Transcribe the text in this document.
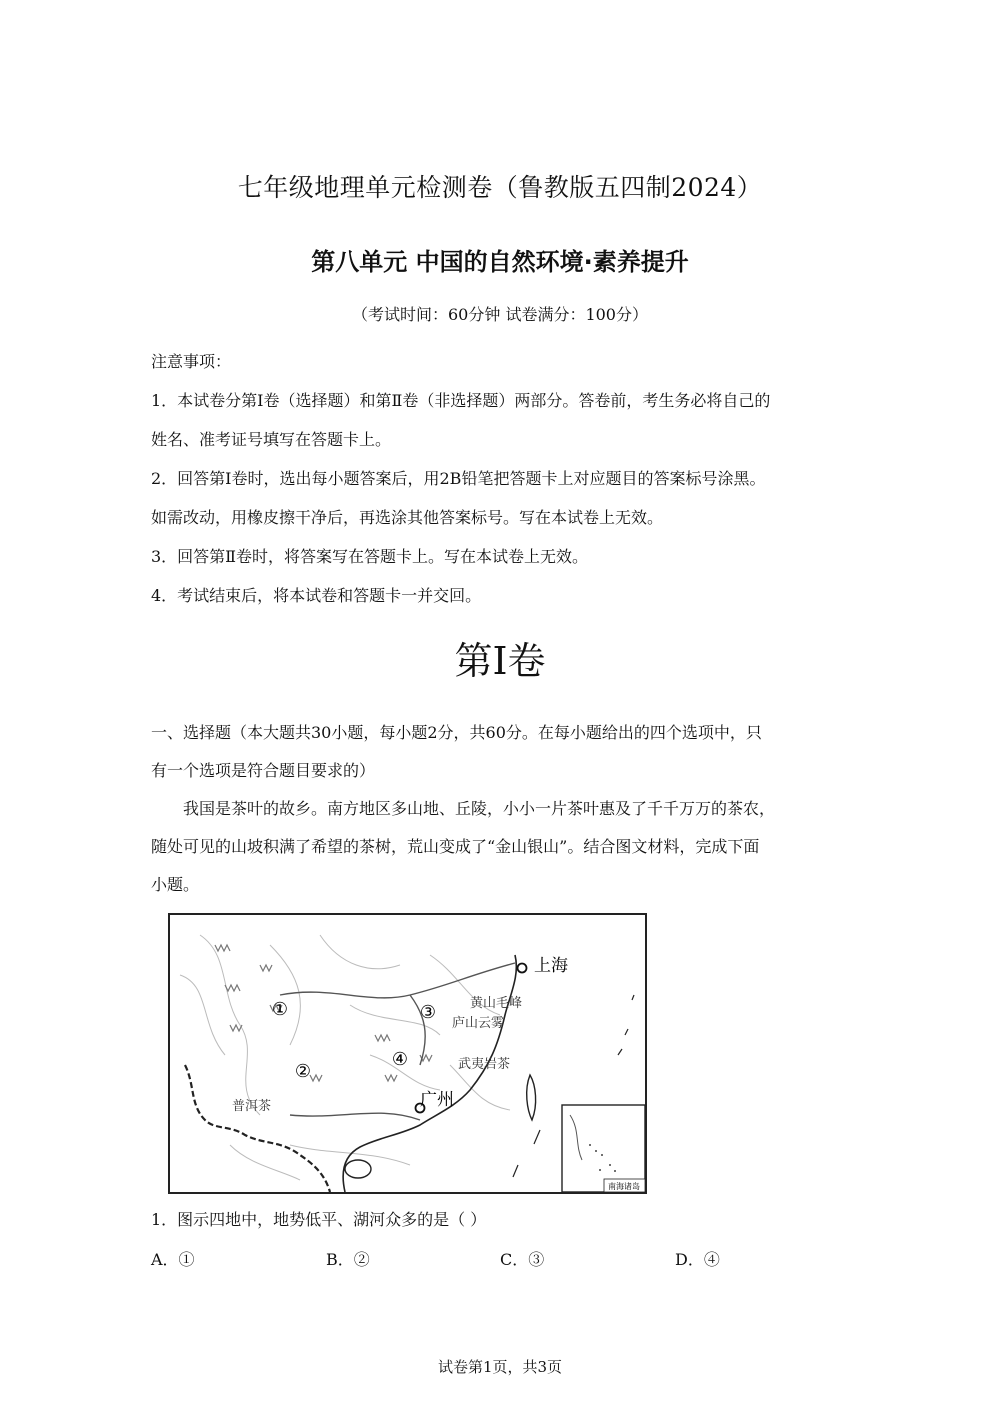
七年级地理单元检测卷（鲁教版五四制2024）
第八单元 中国的自然环境·素养提升
（考试时间：60分钟 试卷满分：100分）

注意事项：

1．本试卷分第Ⅰ卷（选择题）和第Ⅱ卷（非选择题）两部分。答卷前，考生务必将自己的

姓名、准考证号填写在答题卡上。

2．回答第Ⅰ卷时，选出每小题答案后，用2B铅笔把答题卡上对应题目的答案标号涂黑。

如需改动，用橡皮擦干净后，再选涂其他答案标号。写在本试卷上无效。

3．回答第Ⅱ卷时，将答案写在答题卡上。写在本试卷上无效。

4．考试结束后，将本试卷和答题卡一并交回。

第Ⅰ卷

一、选择题（本大题共30小题，每小题2分，共60分。在每小题给出的四个选项中，只

有一个选项是符合题目要求的）

我国是茶叶的故乡。南方地区多山地、丘陵，小小一片茶叶惠及了千千万万的茶农，

随处可见的山坡积满了希望的茶树，荒山变成了“金山银山”。结合图文材料，完成下面

小题。

南海诸岛
上海
广州
黄山毛峰
庐山云雾
武夷岩茶
普洱茶
①
②
③
④
1．图示四地中，地势低平、湖河众多的是（ ）
A．①	B．②	C．③	D．④
试卷第1页，共3页
